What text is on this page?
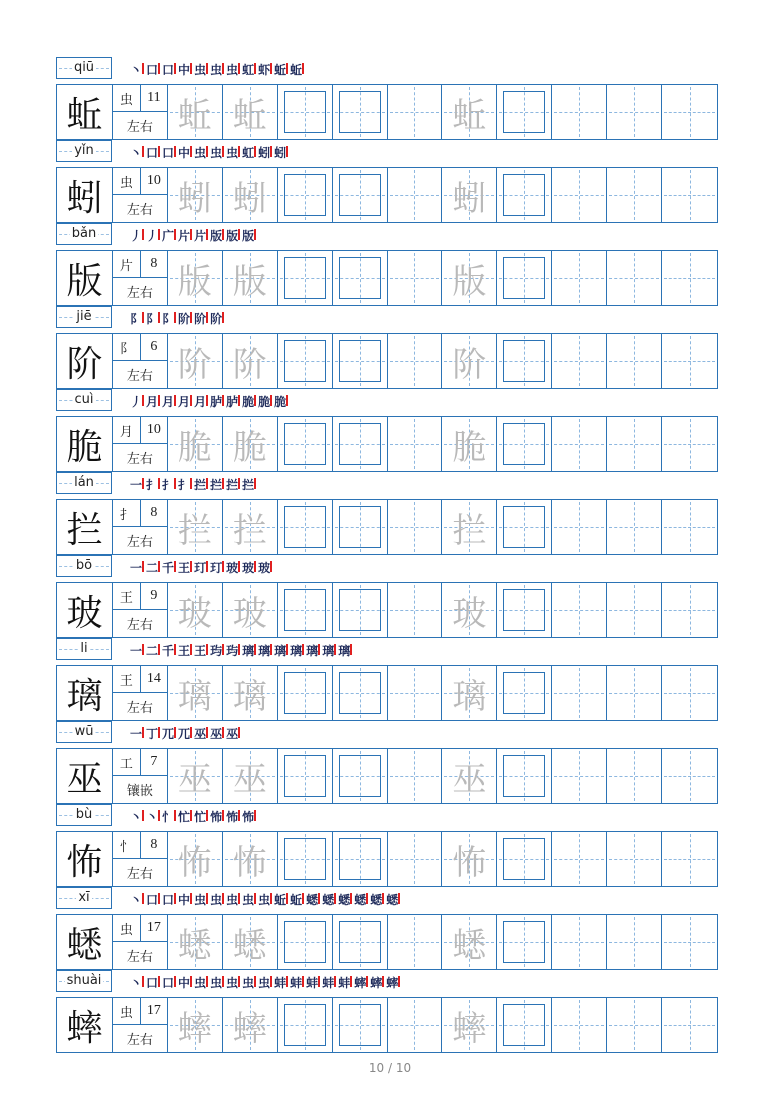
qiū	丶 口 口 中 虫 虫 虫 虹 虾 蚯 蚯
蚯	虫	11
左右 蚯 蚯	蚯
yǐn	丶 口 口 中 虫 虫 虫 虹 蚓 蚓
蚓	虫 10
左右 蚓 蚓	蚓
bǎn	丿 丿 广 片 片 版 版 版
版	片	8
左右 版 版	版
jiē	阝 阝 阝 阶 阶 阶
阶	阝	6
左右 阶 阶	阶
cuì	丿 月 月 月 月 胪 胪 脆 脆 脆
脆	月 10
左右 脆 脆	脆
lán	一 扌 扌 扌 拦 拦 拦 拦
拦	扌	8
左右 拦 拦	拦
bō	一 二 千 王 玎 玎 玻 玻 玻
玻	王	9
左右 玻 玻	玻
li	一 二 千 王 王 玙 玙 璃 璃 璃 璃 璃 璃 璃
璃	王 14
左右 璃 璃	璃
wū	一 丁 兀 兀 巫 巫 巫
巫	工	7
镶嵌 巫 巫	巫
bù	丶 丶 忄 忙 忙 怖 怖 怖
怖	忄	8
左右 怖 怖	怖
xī	丶 口 口 中 虫 虫 虫 虫 虫 蚯 蚯 蟋 蟋 蟋 蟋 蟋 蟋
蟋	虫 17
左右 蟋 蟋	蟋
shuài 丶 口 口 中 虫 虫 虫 虫 虫 蚌 蚌 蚌 蚌 蚌 蟀 蟀 蟀
蟀	虫 17
左右 蟀 蟀	蟀
10 / 10
